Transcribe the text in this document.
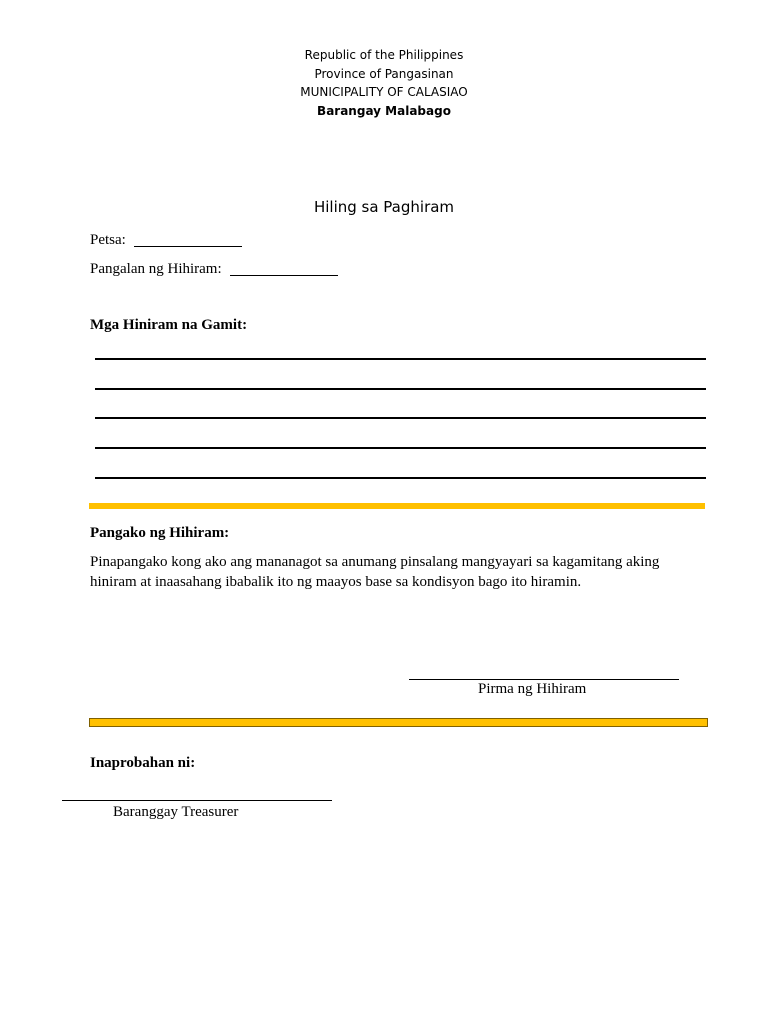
Republic of the Philippines
Province of Pangasinan
MUNICIPALITY OF CALASIAO
Barangay Malabago
Hiling sa Paghiram
Petsa:
Pangalan ng Hihiram:
Mga Hiniram na Gamit:
Pangako ng Hihiram:
Pinapangako kong ako ang mananagot sa anumang pinsalang mangyayari sa kagamitang aking hiniram at inaasahang ibabalik ito ng maayos base sa kondisyon bago ito hiramin.
Pirma ng Hihiram
Inaprobahan ni:
Baranggay Treasurer
